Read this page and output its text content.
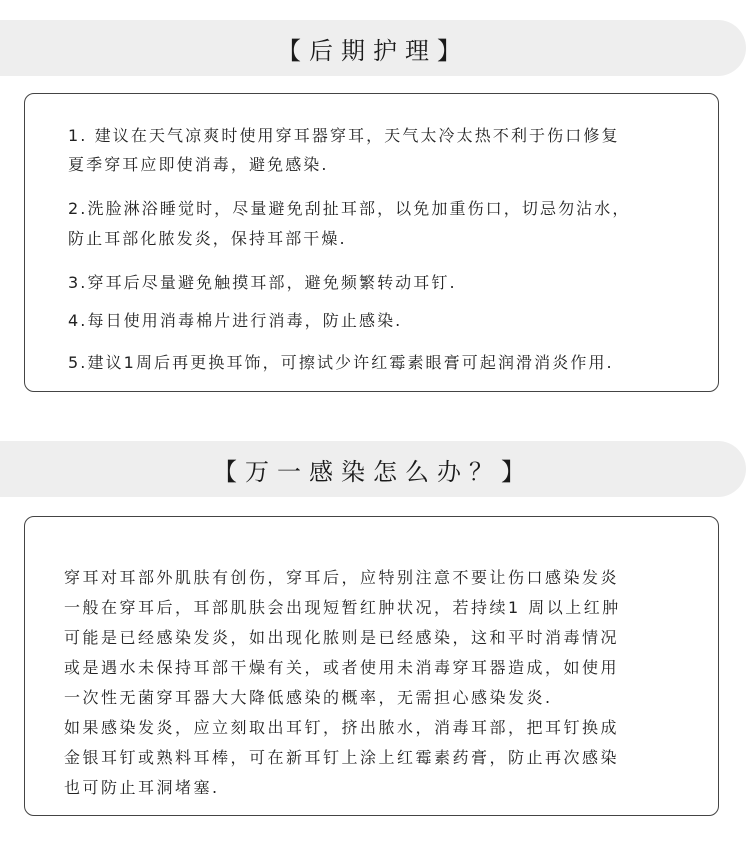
【后期护理】
1. 建议在天气凉爽时使用穿耳器穿耳，天气太冷太热不利于伤口修复
夏季穿耳应即使消毒，避免感染.
2.洗脸淋浴睡觉时，尽量避免刮扯耳部，以免加重伤口，切忌勿沾水，
防止耳部化脓发炎，保持耳部干燥.
3.穿耳后尽量避免触摸耳部，避免频繁转动耳钉.
4.每日使用消毒棉片进行消毒，防止感染.
5.建议1周后再更换耳饰，可擦试少许红霉素眼膏可起润滑消炎作用.
【万一感染怎么办？】
穿耳对耳部外肌肤有创伤，穿耳后，应特别注意不要让伤口感染发炎
一般在穿耳后，耳部肌肤会出现短暂红肿状况，若持续1 周以上红肿
可能是已经感染发炎，如出现化脓则是已经感染，这和平时消毒情况
或是遇水未保持耳部干燥有关，或者使用未消毒穿耳器造成，如使用
一次性无菌穿耳器大大降低感染的概率，无需担心感染发炎.
如果感染发炎，应立刻取出耳钉，挤出脓水，消毒耳部，把耳钉换成
金银耳钉或熟料耳棒，可在新耳钉上涂上红霉素药膏，防止再次感染
也可防止耳洞堵塞.
